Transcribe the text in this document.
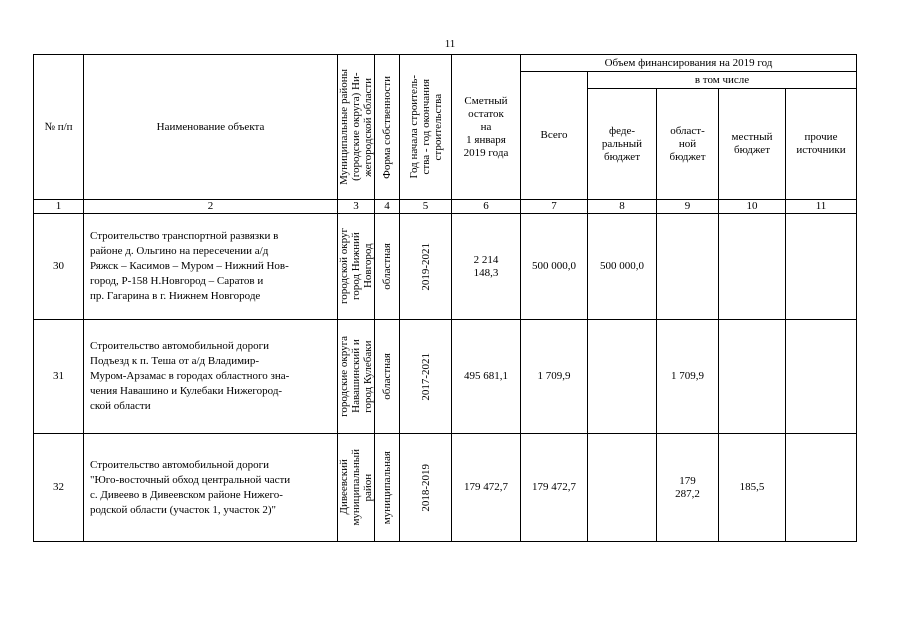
11
№ п/п	Наименование объекта	Муниципальные районы
(городские округа) Ни-
жегородской области	Форма собственности	Год начала строитель-
ства - год окончания
строительства	Сметный
остаток
на
1 января
2019 года	Объем финансирования на 2019 год				
						Всего	в том числе			
							феде-
ральный
бюджет	област-
ной
бюджет	местный
бюджет	прочие
источники
1	2	3	4	5	6	7	8	9	10	11
30	Строительство транспортной развязки в
районе д. Ольгино на пересечении а/д
Ряжск – Касимов – Муром – Нижний Нов-
город, Р-158 Н.Новгород – Саратов и
пр. Гагарина в г. Нижнем Новгороде	городской округ
город Нижний
Новгород	областная	2019-2021	2 214
148,3	500 000,0	500 000,0			
31	Строительство автомобильной дороги
Подъезд к п. Теша от а/д Владимир-
Муром-Арзамас в городах областного зна-
чения Навашино и Кулебаки Нижегород-
ской области	городские округа
Навашинский и
город Кулебаки	областная	2017-2021	495 681,1	1 709,9		1 709,9		
32	Строительство автомобильной дороги
"Юго-восточный обход центральной части
с. Дивеево в Дивеевском районе Нижего-
родской области (участок 1, участок 2)"	Дивеевский
муниципальный
район	муниципальная	2018-2019	179 472,7	179 472,7		179
287,2	185,5	
